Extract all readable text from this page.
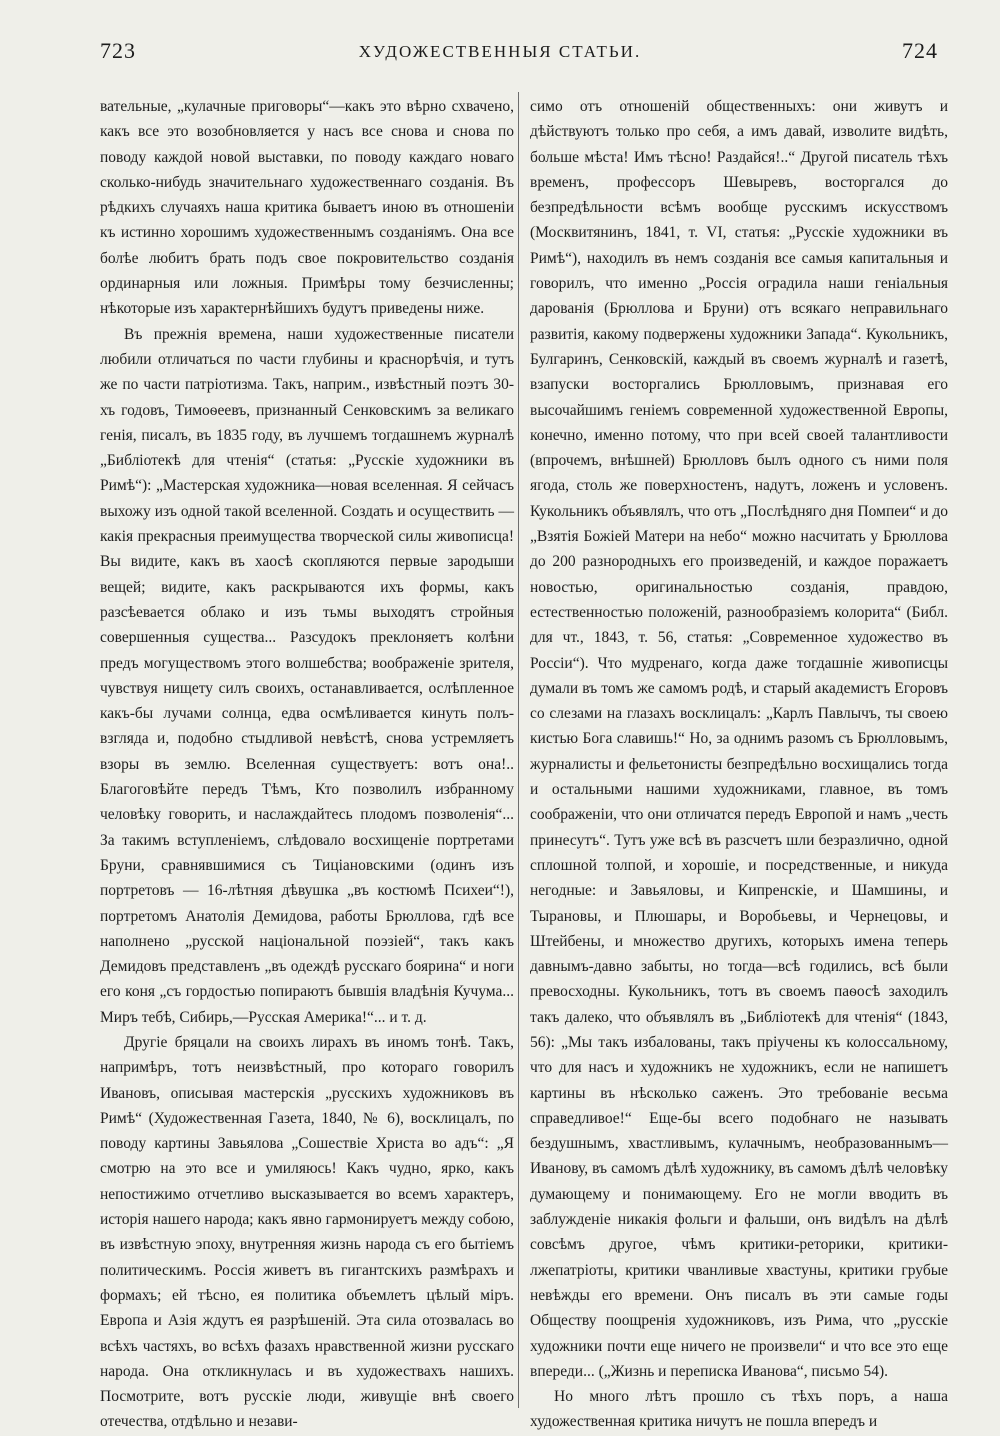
723	ХУДОЖЕСТВЕННЫЯ СТАТЬИ.	724

вательные, „кулачные приговоры“—какъ это вѣрно схвачено, какъ все это возобновляется у насъ все снова и снова по поводу каждой новой выставки, по поводу каждаго новаго сколько-нибудь значительнаго художественнаго созданія. Въ рѣдкихъ случаяхъ наша критика бываетъ иною въ отношеніи къ истинно хорошимъ художественнымъ созданіямъ. Она все болѣе любитъ брать подъ свое покровительство созданія ординарныя или ложныя. Примѣры тому безчисленны; нѣкоторые изъ характернѣйшихъ будутъ приведены ниже.

Въ прежнія времена, наши художественные писатели любили отличаться по части глубины и краснорѣчія, и тутъ же по части патріотизма. Такъ, наприм., извѣстный поэтъ 30-хъ годовъ, Тимоѳеевъ, признанный Сенковскимъ за великаго генія, писалъ, въ 1835 году, въ лучшемъ тогдашнемъ журналѣ „Библіотекѣ для чтенія“ (статья: „Русскіе художники въ Римѣ“): „Мастерская художника—новая вселенная. Я сейчасъ выхожу изъ одной такой вселенной. Создать и осуществить — какія прекрасныя преимущества творческой силы живописца! Вы видите, какъ въ хаосѣ скопляются первые зародыши вещей; видите, какъ раскрываются ихъ формы, какъ разсѣевается облако и изъ тьмы выходятъ стройныя совершенныя существа... Разсудокъ преклоняетъ колѣни предъ могуществомъ этого волшебства; воображеніе зрителя, чувствуя нищету силъ своихъ, останавливается, ослѣпленное какъ-бы лучами солнца, едва осмѣливается кинуть полъ-взгляда и, подобно стыдливой невѣстѣ, снова устремляетъ взоры въ землю. Вселенная существуетъ: вотъ она!.. Благоговѣйте передъ Тѣмъ, Кто позволилъ избранному человѣку говорить, и наслаждайтесь плодомъ позволенія“... За такимъ вступленіемъ, слѣдовало восхищеніе портретами Бруни, сравнявшимися съ Тиціановскими (одинъ изъ портретовъ — 16-лѣтняя дѣвушка „въ костюмѣ Психеи“!), портретомъ Анатолія Демидова, работы Брюллова, гдѣ все наполнено „русской національной поэзіей“, такъ какъ Демидовъ представленъ „въ одеждѣ русскаго боярина“ и ноги его коня „съ гордостью попираютъ бывшія владѣнія Кучума... Миръ тебѣ, Сибирь,—Русская Америка!“... и т. д.

Другіе бряцали на своихъ лирахъ въ иномъ тонѣ. Такъ, напримѣръ, тотъ неизвѣстный, про котораго говорилъ Ивановъ, описывая мастерскія „русскихъ художниковъ въ Римѣ“ (Художественная Газета, 1840, № 6), восклицалъ, по поводу картины Завьялова „Сошествіе Христа во адъ“: „Я смотрю на это все и умиляюсь! Какъ чудно, ярко, какъ непостижимо отчетливо высказывается во всемъ характеръ, исторія нашего народа; какъ явно гармонируетъ между собою, въ извѣстную эпоху, внутренняя жизнь народа съ его бытіемъ политическимъ. Россія живетъ въ гигантскихъ размѣрахъ и формахъ; ей тѣсно, ея политика объемлетъ цѣлый міръ. Европа и Азія ждутъ ея разрѣшеній. Эта сила отозвалась во всѣхъ частяхъ, во всѣхъ фазахъ нравственной жизни русскаго народа. Она откликнулась и въ художествахъ нашихъ. Посмотрите, вотъ русскіе люди, живущіе внѣ своего отечества, отдѣльно и незави-

симо отъ отношеній общественныхъ: они живутъ и дѣйствуютъ только про себя, а имъ давай, изволите видѣть, больше мѣста! Имъ тѣсно! Раздайся!..“ Другой писатель тѣхъ временъ, профессоръ Шевыревъ, восторгался до безпредѣльности всѣмъ вообще русскимъ искусствомъ (Москвитянинъ, 1841, т. VI, статья: „Русскіе художники въ Римѣ“), находилъ въ немъ созданія все самыя капитальныя и говорилъ, что именно „Россія оградила наши геніальныя дарованія (Брюллова и Бруни) отъ всякаго неправильнаго развитія, какому подвержены художники Запада“. Кукольникъ, Булгаринъ, Сенковскій, каждый въ своемъ журналѣ и газетѣ, взапуски восторгались Брюлловымъ, признавая его высочайшимъ геніемъ современной художественной Европы, конечно, именно потому, что при всей своей талантливости (впрочемъ, внѣшней) Брюлловъ былъ одного съ ними поля ягода, столь же поверхностенъ, надутъ, ложенъ и условенъ. Кукольникъ объявлялъ, что отъ „Послѣдняго дня Помпеи“ и до „Взятія Божіей Матери на небо“ можно насчитать у Брюллова до 200 разнородныхъ его произведеній, и каждое поражаетъ новостью, оригинальностью созданія, правдою, естественностью положеній, разнообразіемъ колорита“ (Библ. для чт., 1843, т. 56, статья: „Современное художество въ Россіи“). Что мудренаго, когда даже тогдашніе живописцы думали въ томъ же самомъ родѣ, и старый академистъ Егоровъ со слезами на глазахъ восклицалъ: „Карлъ Павлычъ, ты своею кистью Бога славишь!“ Но, за однимъ разомъ съ Брюлловымъ, журналисты и фельетонисты безпредѣльно восхищались тогда и остальными нашими художниками, главное, въ томъ соображеніи, что они отличатся передъ Европой и намъ „честь принесутъ“. Тутъ уже всѣ въ разсчетъ шли безразлично, одной сплошной толпой, и хорошіе, и посредственные, и никуда негодные: и Завьяловы, и Кипренскіе, и Шамшины, и Тырановы, и Плюшары, и Воробьевы, и Чернецовы, и Штейбены, и множество другихъ, которыхъ имена теперь давнымъ-давно забыты, но тогда—всѣ годились, всѣ были превосходны. Кукольникъ, тотъ въ своемъ паѳосѣ заходилъ такъ далеко, что объявлялъ въ „Библіотекѣ для чтенія“ (1843, 56): „Мы такъ избалованы, такъ пріучены къ колоссальному, что для насъ и художникъ не художникъ, если не напишетъ картины въ нѣсколько саженъ. Это требованіе весьма справедливое!“ Еще-бы всего подобнаго не называть бездушнымъ, хвастливымъ, кулачнымъ, необразованнымъ—Иванову, въ самомъ дѣлѣ художнику, въ самомъ дѣлѣ человѣку думающему и понимающему. Его не могли вводить въ заблужденіе никакія фольги и фальши, онъ видѣлъ на дѣлѣ совсѣмъ другое, чѣмъ критики-реторики, критики-лжепатріоты, критики чванливые хвастуны, критики грубые невѣжды его времени. Онъ писалъ въ эти самые годы Обществу поощренія художниковъ, изъ Рима, что „русскіе художники почти еще ничего не произвели“ и что все это еще впереди... („Жизнь и переписка Иванова“, письмо 54).

Но много лѣтъ прошло съ тѣхъ поръ, а наша художественная критика ничутъ не пошла впередъ и
